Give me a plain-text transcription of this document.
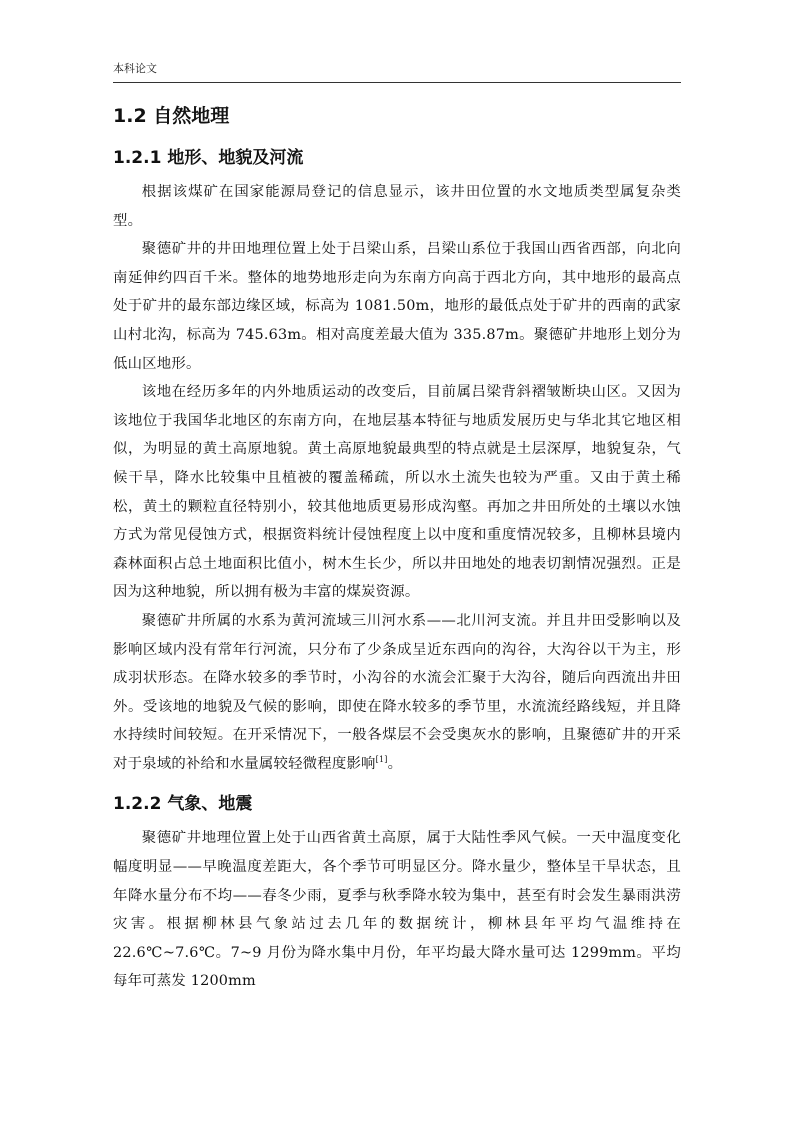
本科论文
1.2 自然地理
1.2.1 地形、地貌及河流

根据该煤矿在国家能源局登记的信息显示，该井田位置的水文地质类型属复杂类型。

聚德矿井的井田地理位置上处于吕梁山系，吕梁山系位于我国山西省西部，向北向南延伸约四百千米。整体的地势地形走向为东南方向高于西北方向，其中地形的最高点处于矿井的最东部边缘区域，标高为 1081.50m，地形的最低点处于矿井的西南的武家山村北沟，标高为 745.63m。相对高度差最大值为 335.87m。聚德矿井地形上划分为低山区地形。

该地在经历多年的内外地质运动的改变后，目前属吕梁背斜褶皱断块山区。又因为该地位于我国华北地区的东南方向，在地层基本特征与地质发展历史与华北其它地区相似，为明显的黄土高原地貌。黄土高原地貌最典型的特点就是土层深厚，地貌复杂，气候干旱，降水比较集中且植被的覆盖稀疏，所以水土流失也较为严重。又由于黄土稀松，黄土的颗粒直径特别小，较其他地质更易形成沟壑。再加之井田所处的土壤以水蚀方式为常见侵蚀方式，根据资料统计侵蚀程度上以中度和重度情况较多，且柳林县境内森林面积占总土地面积比值小，树木生长少，所以井田地处的地表切割情况强烈。正是因为这种地貌，所以拥有极为丰富的煤炭资源。

聚德矿井所属的水系为黄河流域三川河水系——北川河支流。并且井田受影响以及影响区域内没有常年行河流，只分布了少条成呈近东西向的沟谷，大沟谷以干为主，形成羽状形态。在降水较多的季节时，小沟谷的水流会汇聚于大沟谷，随后向西流出井田外。受该地的地貌及气候的影响，即使在降水较多的季节里，水流流经路线短，并且降水持续时间较短。在开采情况下，一般各煤层不会受奥灰水的影响，且聚德矿井的开采对于泉域的补给和水量属较轻微程度影响[1]。

1.2.2 气象、地震

聚德矿井地理位置上处于山西省黄土高原，属于大陆性季风气候。一天中温度变化幅度明显——早晚温度差距大，各个季节可明显区分。降水量少，整体呈干旱状态，且年降水量分布不均——春冬少雨，夏季与秋季降水较为集中，甚至有时会发生暴雨洪涝灾害。根据柳林县气象站过去几年的数据统计，柳林县年平均气温维持在 22.6℃~7.6℃。7~9 月份为降水集中月份，年平均最大降水量可达 1299mm。平均每年可蒸发 1200mm
